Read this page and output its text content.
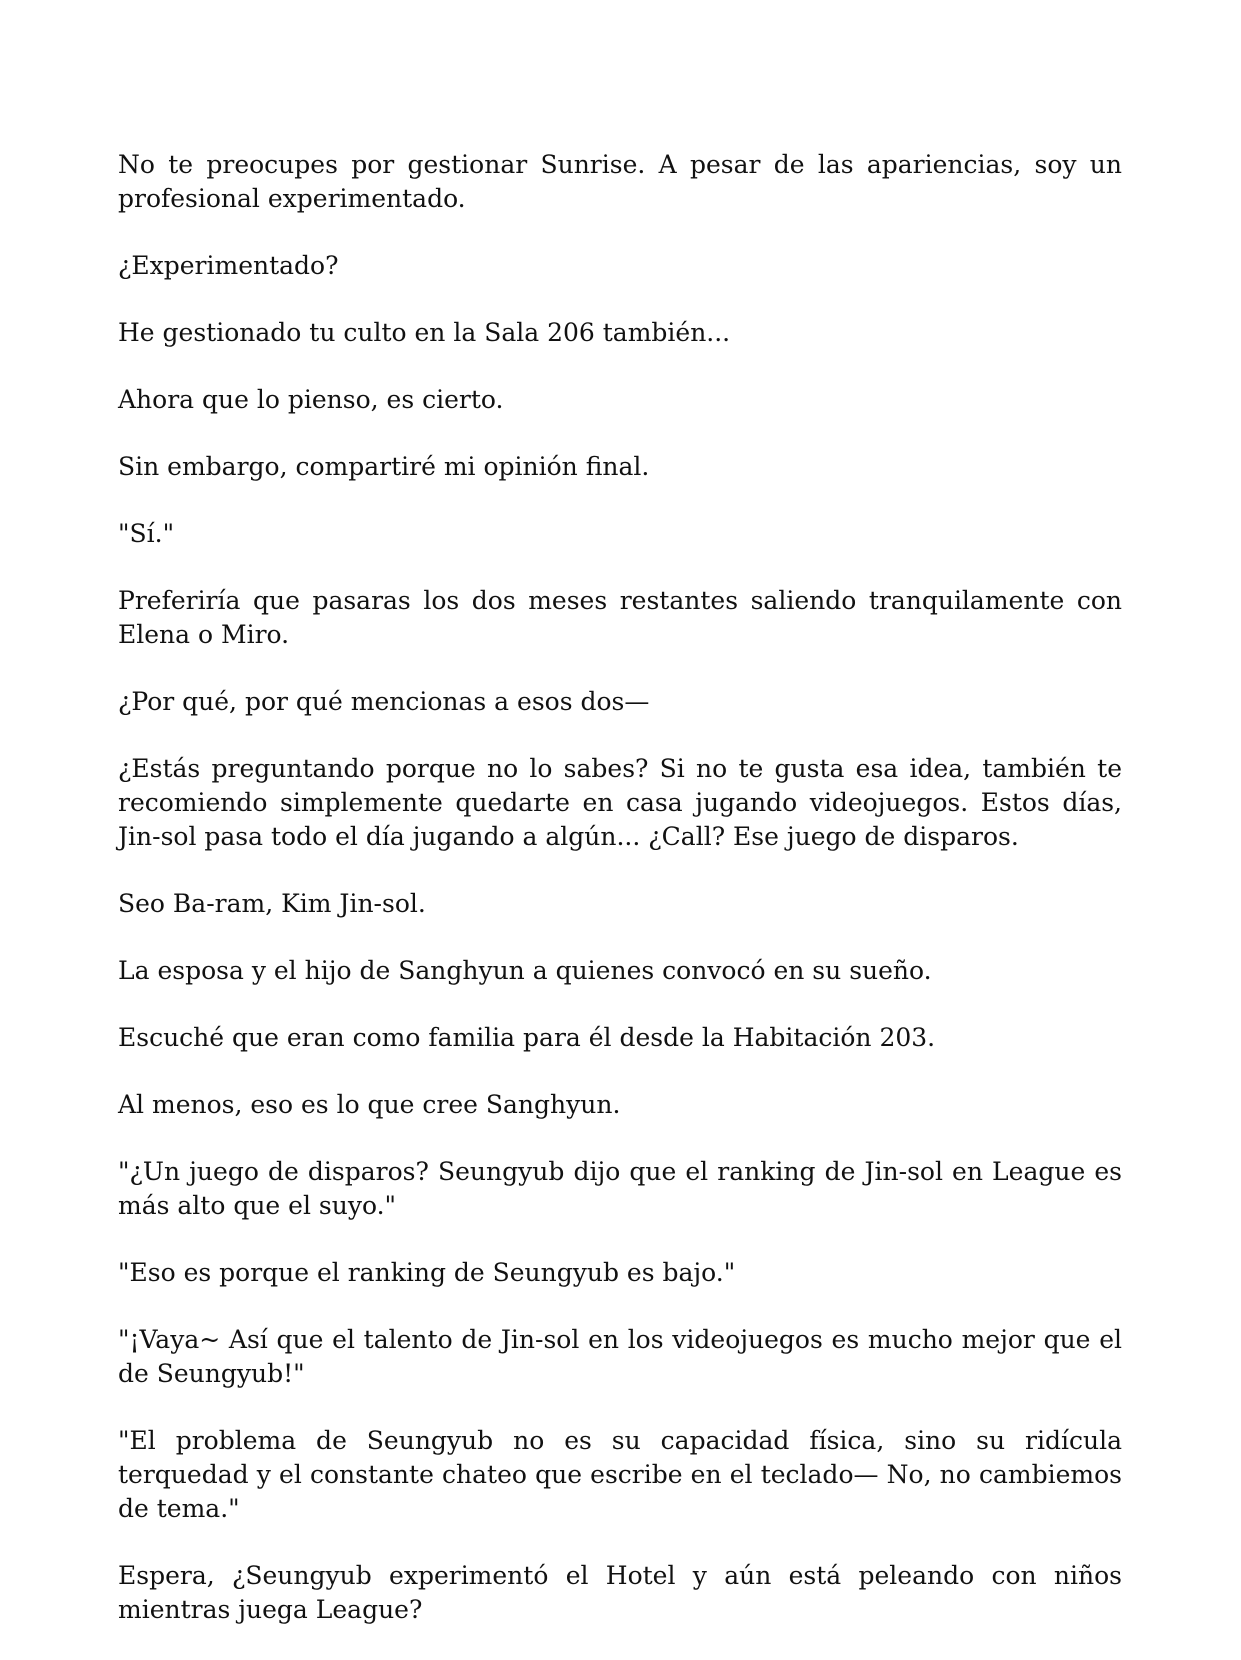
No te preocupes por gestionar Sunrise. A pesar de las apariencias, soy un profesional experimentado.

¿Experimentado?

He gestionado tu culto en la Sala 206 también...

Ahora que lo pienso, es cierto.

Sin embargo, compartiré mi opinión final.

"Sí."

Preferiría que pasaras los dos meses restantes saliendo tranquilamente con Elena o Miro.

¿Por qué, por qué mencionas a esos dos—

¿Estás preguntando porque no lo sabes? Si no te gusta esa idea, también te recomiendo simplemente quedarte en casa jugando videojuegos. Estos días, Jin-sol pasa todo el día jugando a algún... ¿Call? Ese juego de disparos.

Seo Ba-ram, Kim Jin-sol.

La esposa y el hijo de Sanghyun a quienes convocó en su sueño.

Escuché que eran como familia para él desde la Habitación 203.

Al menos, eso es lo que cree Sanghyun.

"¿Un juego de disparos? Seungyub dijo que el ranking de Jin-sol en League es más alto que el suyo."

"Eso es porque el ranking de Seungyub es bajo."

"¡Vaya~ Así que el talento de Jin-sol en los videojuegos es mucho mejor que el de Seungyub!"

"El problema de Seungyub no es su capacidad física, sino su ridícula terquedad y el constante chateo que escribe en el teclado— No, no cambiemos de tema."

Espera, ¿Seungyub experimentó el Hotel y aún está peleando con niños mientras juega League?
